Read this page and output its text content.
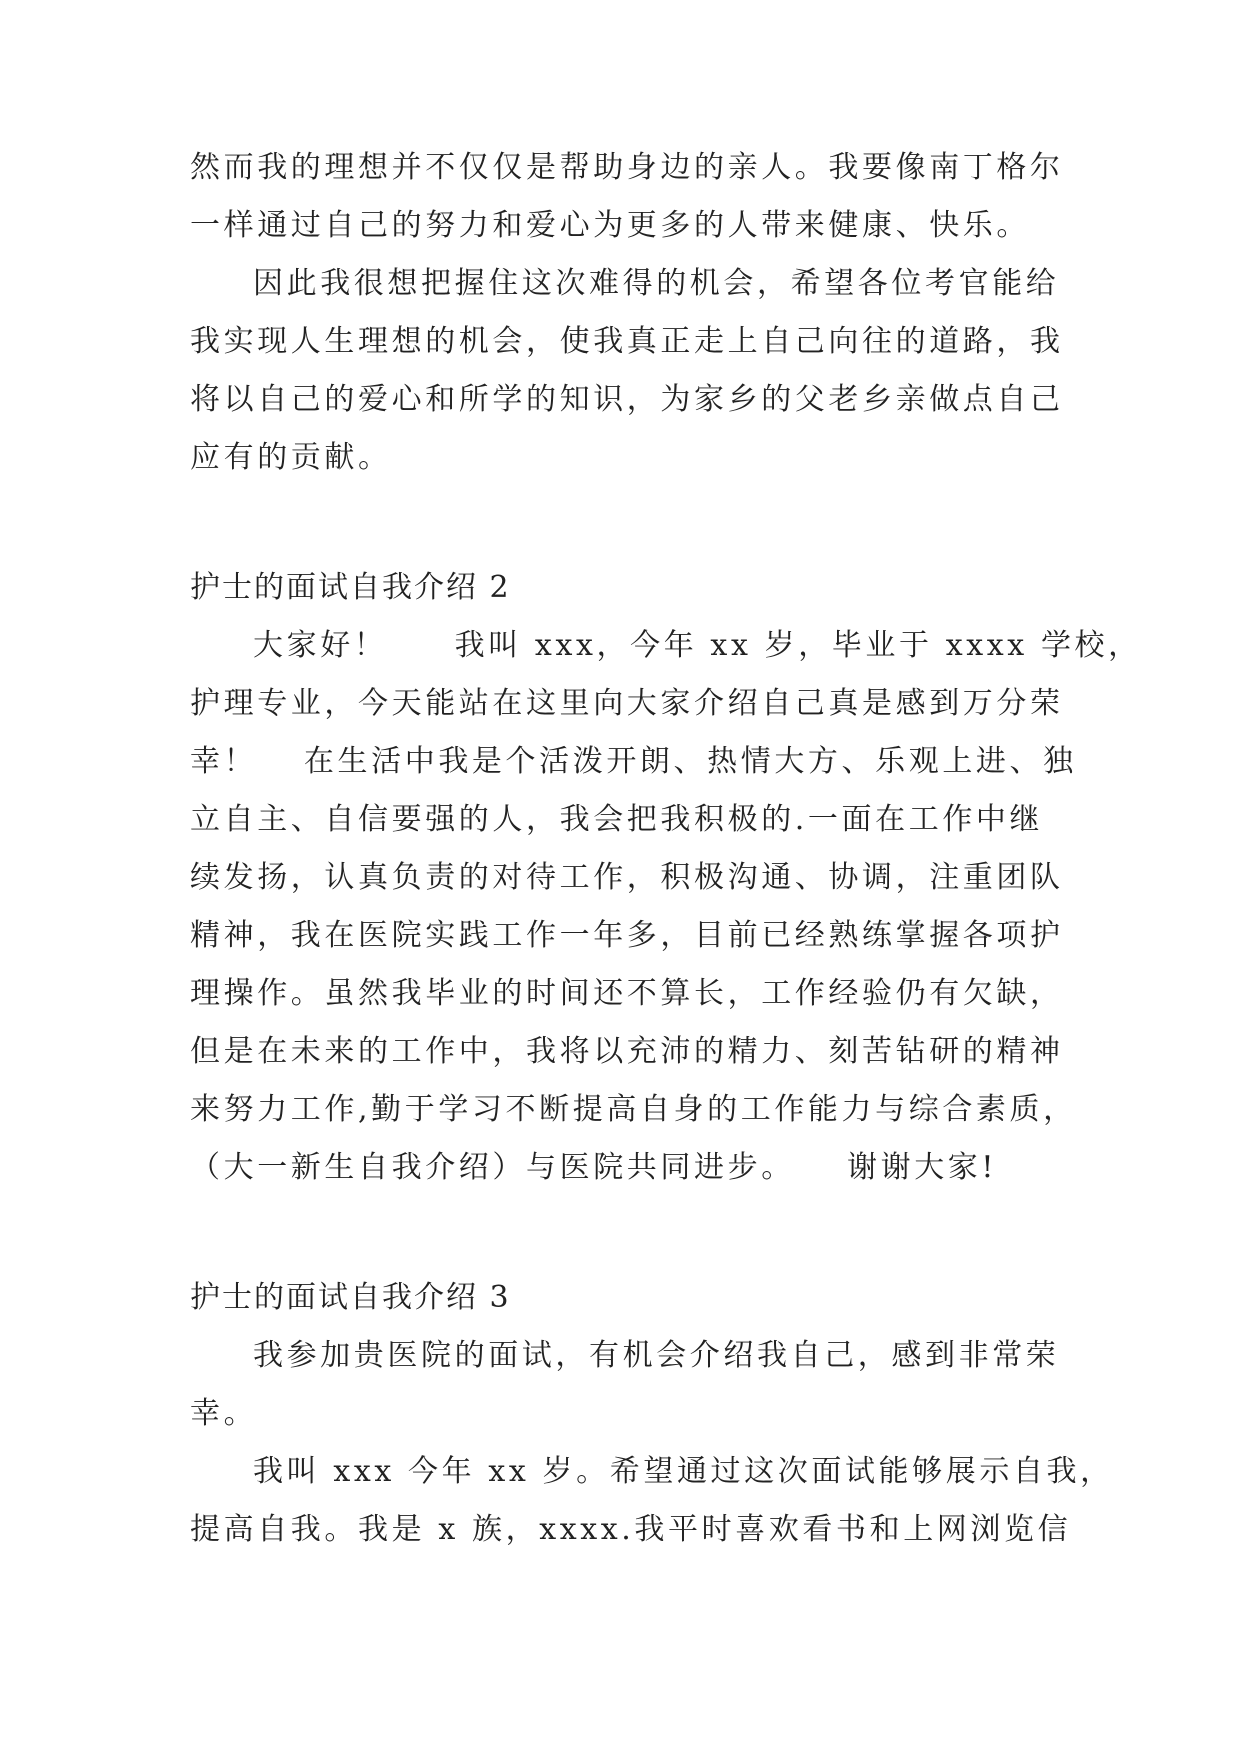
然而我的理想并不仅仅是帮助身边的亲人。我要像南丁格尔
一样通过自己的努力和爱心为更多的人带来健康、快乐。
因此我很想把握住这次难得的机会，希望各位考官能给
我实现人生理想的机会，使我真正走上自己向往的道路，我
将以自己的爱心和所学的知识，为家乡的父老乡亲做点自己
应有的贡献。
护士的面试自我介绍 2
大家好！　　我叫 xxx，今年 xx 岁，毕业于 xxxx 学校，
护理专业，今天能站在这里向大家介绍自己真是感到万分荣
幸！　 在生活中我是个活泼开朗、热情大方、乐观上进、独
立自主、自信要强的人，我会把我积极的.一面在工作中继
续发扬，认真负责的对待工作，积极沟通、协调，注重团队
精神，我在医院实践工作一年多，目前已经熟练掌握各项护
理操作。虽然我毕业的时间还不算长，工作经验仍有欠缺，
但是在未来的工作中，我将以充沛的精力、刻苦钻研的精神
来努力工作,勤于学习不断提高自身的工作能力与综合素质，
（大一新生自我介绍）与医院共同进步。　　谢谢大家!
护士的面试自我介绍 3
我参加贵医院的面试，有机会介绍我自己，感到非常荣
幸。
我叫 xxx 今年 xx 岁。希望通过这次面试能够展示自我，
提高自我。我是 x 族，xxxx.我平时喜欢看书和上网浏览信
